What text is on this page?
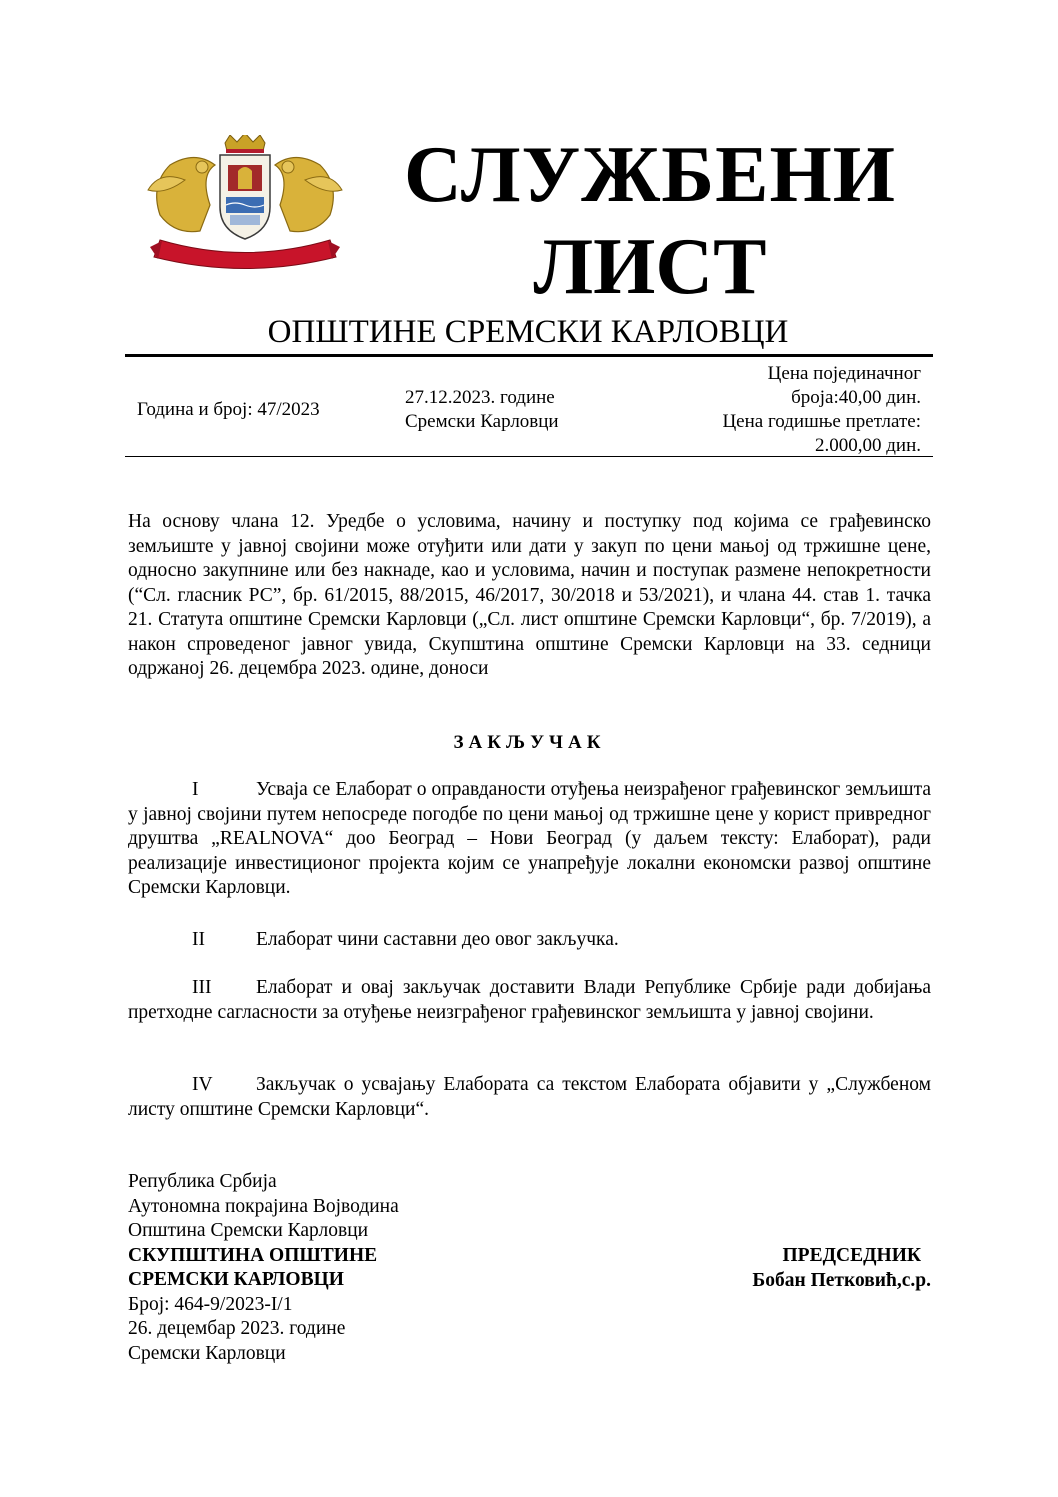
СЛУЖБЕНИ
ЛИСТ
ОПШТИНЕ СРЕМСКИ КАРЛОВЦИ
Година и број: 47/2023
27.12.2023. године
Сремски Карловци
Цена појединачног
броја:40,00 дин.
Цена годишње претлате:
2.000,00 дин.
На основу члана 12. Уредбе о условима, начину и поступку под којима се грађевинско земљиште у јавној својини може отуђити или дати у закуп по цени мањој од тржишне цене, односно закупнине или без накнаде, као и условима, начин и поступак размене непокретности (“Сл. гласник РС”, бр. 61/2015, 88/2015, 46/2017, 30/2018 и 53/2021), и члана 44. став 1. тачка 21. Статута општине Сремски Карловци („Сл. лист општине Сремски Карловци“, бр. 7/2019), а након спроведеног јавног увида, Скупштина општине Сремски Карловци на 33. седници одржаној 26. децембра 2023. одине, доноси
ЗАКЉУЧАК
I	Усваја се Елаборат о оправданости отуђења неизрађеног грађевинског земљишта у јавној својини путем непосреде погодбе по цени мањој од тржишне цене у корист привредног друштва „REALNOVA“ доо Београд – Нови Београд (у даљем тексту: Елаборат), ради реализације инвестиционог пројекта којим се унапређује локални економски развој општине Сремски Карловци.
II	Елаборат чини саставни део овог закључка.
III Елаборат и овај закључак доставити Влади Републике Србије ради добијања претходне сагласности за отуђење неизграђеног грађевинског земљишта у јавној својини.
IV Закључак о усвајању Елабората са текстом Елабората објавити у „Службеном листу општине Сремски Карловци“.
Република Србија
Аутономна покрајина Војводина
Општина Сремски Карловци
СКУПШТИНА ОПШТИНЕ
СРЕМСКИ КАРЛОВЦИ
Број: 464-9/2023-I/1
26. децембар 2023. године
Сремски Карловци
ПРЕДСЕДНИК
Бобан Петковић,с.р.
